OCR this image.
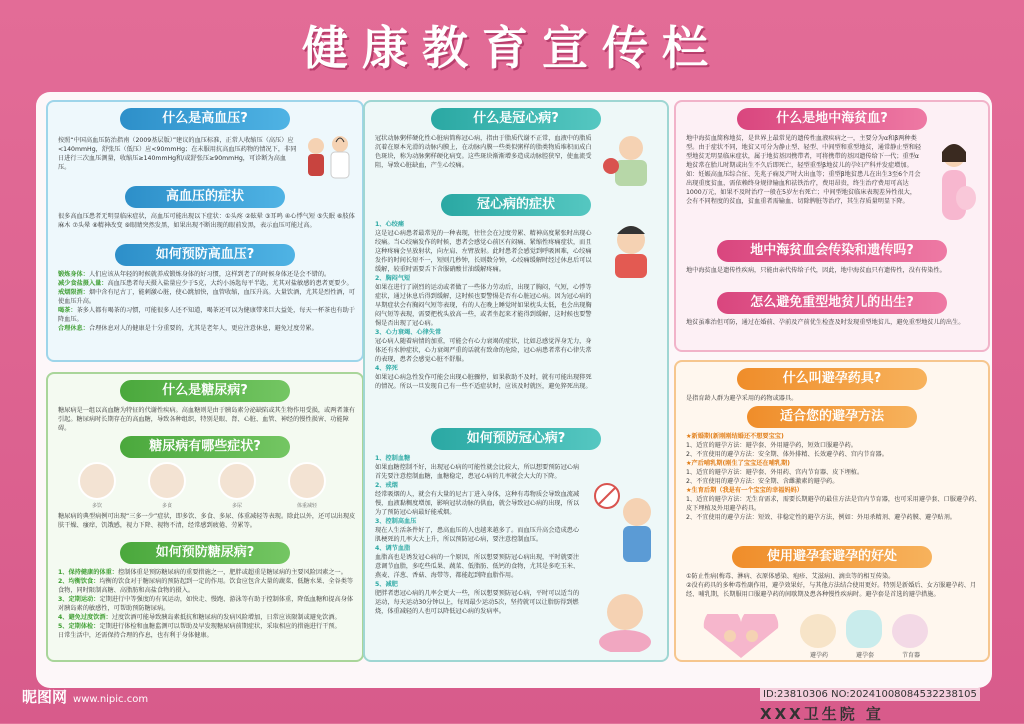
健康教育宣传栏
什么是高血压?
按照“中国高血压防治指南（2009基层版）”建议的血压标准，正常人收缩压（高压）应<140mmHg，舒张压（低压）应<90mmHg；在未服用抗高血压药物的情况下，非同日进行三次血压测量，收缩压≥140mmHg和/或舒张压≥90mmHg，可诊断为高血压。
高血压的症状
很多高血压患者无明显临床症状，高血压可能出现以下症状：①头疼 ②眩晕 ③耳鸣 ④心悸气短 ⑤失眠 ⑥肢体麻木 ⑦头晕 ⑧精神改变 ⑨眼睛突然发黑，如果出现不断出现的眼前发黑，表示血压可能过高。
如何预防高血压?
锻炼身体：人们应该从年轻的时候就养成锻炼身体的好习惯，这样到老了的时候身体还是会不错的。
减少食盐摄入量：高血压患者每天摄入盐量应少于5克，大约小汤匙每平半匙，尤其对盐敏感的患者更要少。
戒烟限酒：烟中含有尼古丁，能刺激心脏，使心跳加快，血管收缩，血压升高。大量饮酒，尤其是烈性酒，可使血压升高。
喝茶：茶多人都有喝茶的习惯，可能很多人还不知道，喝茶还可以为健康带来巨大益处，每天一杯茶也有助于降血压。
合理休息：合理休息对人的健康是十分重要的，尤其是老年人，更应注意休息，避免过度劳累。
什么是糖尿病?
糖尿病是一组以高血糖为特征的代谢性疾病。高血糖则是由于胰岛素分泌缺陷或其生物作用受损，或两者兼有引起。糖尿病时长期存在的高血糖，导致各种组织，特别是眼、肾、心脏、血管、神经的慢性损害、功能障碍。
糖尿病有哪些症状?
多饮	多食	多尿	体重减轻
糖尿病的典型病例可出现“三多一少”症状，即多饮、多食、多尿、体重减轻等表现。除此以外，还可以出现皮肤干燥、瘙痒，饥饿感，视力下降、视物不清，经常感到疲倦、劳累等。
如何预防糖尿病?
1、保持健康的体重：控制体重是预防糖尿病的重要措施之一，肥胖或超重是糖尿病的主要风险因素之一。
2、均衡饮食：均衡的饮食对于糖尿病的预防起到一定的作用。饮食应包含大量的蔬菜、低糖水果、全谷类等食物，同时限制高糖、高脂肪和高盐食物的摄入。
3、定期运动：定期进行中等强度的有氧运动，如快走、慢跑、游泳等有助于控制体重，降低血糖和提高身体对胰岛素的敏感性，可帮助预防糖尿病。
4、避免过度饮酒：过度饮酒可能导致胰岛素抵抗和糖尿病的发病风险增加，日常应该限制或避免饮酒。
5、定期体检：定期进行体检和血糖监测可以帮助及早发现糖尿病前期症状，采取相应的措施进行干预。
日常生活中，还需保持合理的作息，也有利于身体健康。
什么是冠心病?
冠状动脉粥样硬化性心脏病简称冠心病，指由于脂质代谢不正常，血液中的脂质沉着在原本光滑的动脉内膜上，在动脉内膜一些类似粥样的脂类物质堆积而成白色斑块，称为动脉粥样硬化病变。这些斑块渐渐增多造成动脉腔狭窄，使血流受阻，导致心脏缺血，产生心绞痛。
冠心病的症状
1、心绞痛
这是冠心病患者最常见的一种表现，往往会在过度劳累、精神高度紧张时出现心绞痛。当心绞痛发作的时候，患者会感觉心前区有闷痛、紧缩性疼痛症状，而且这种疼痛会呈放射状，向左肩、左臂放射。此时患者会感觉到呼吸困难，心绞痛发作的时间长短不一，短则几秒钟，长则数分钟，心绞痛缓解时经过休息后可以缓解，较重时需要舌下含服硝酸甘油缓解疼痛。
2、胸闷气短
如果在进行了剧烈的运动或者做了一些体力劳动后，出现了胸闷，气短，心悸等症状，通过休息后得到缓解，这时候也要警惕是否有心脏冠心病。因为冠心病的早期症状会有胸闷气短等表现，有的人在晚上睡觉时如果枕头太低，也会出现胸闷气短等表现，需要把枕头放高一些，或者坐起来才能得到缓解，这时候也要警惕是否出现了冠心病。
3、心力衰竭、心律失常
冠心病人随着病情的加重，可能会有心力衰竭的症状，比如总感觉浑身无力，身体还有水肿症状，心力衰竭严重的话就有致命的危险，冠心病患者常有心律失常的表现，患者会感觉心脏不舒服。
4、猝死
如果冠心病急性发作可能会出现心脏骤停，如果救助不及时，就有可能出现猝死的情况。所以一旦发现自己有一些不适症状时，应该及时就医，避免猝死出现。
如何预防冠心病?
1、控制血糖
如果血糖控制不好，出现冠心病的可能性就会比较大，所以想要预防冠心病首先要注意控制血糖，血糖稳定，患冠心病的几率就会大大的下降。
2、戒烟
经常吸烟的人，就会有大量的尼古丁进入身体，这种有毒物质会导致血流减慢，血液黏稠度增加，影响冠状动脉的供血，就会导致冠心病的出现，所以为了预防冠心病最好能戒烟。
3、控制高血压
现在人生活条件好了，患高血压的人也越来越多了。而血压升高会造成患心肌梗死的几率大大上升，所以预防冠心病，要注意控制血压。
4、调节血脂
血脂高也是诱发冠心病的一个原因，所以想要预防冠心病出现，平时就要注意调节血脂，多吃些瓜果、蔬菜、低脂肪、低钙的食物，尤其是多吃玉米、燕麦、洋葱、香菇、海带等，都能起到降血脂作用。
5、减肥
肥胖者患冠心病的几率会更大一些，所以想要预防冠心病，平时可以适当的运动，每天运动30分钟以上，每周最少运动5次，坚持就可以让脂肪得到燃烧，体重减轻的人也可以降低冠心病的发病率。
什么是地中海贫血?
地中海贫血简称地贫，是世界上最常见的遗传性血液疾病之一，主要分为α和β两种类型。由于症状不同，地贫又可分为静止型、轻型、中间型和重型地贫，通常静止型和轻型地贫无明显临床症状，属于地贫基因携带者，可将携带的基因遗传给下一代；重型α地贫常在胎儿时期或出生不久后即死亡，轻型重型β地贫儿的孕妇产科并发症增加。如：妊娠高血压综合征、先兆子痫及产时大出血等；重型β地贫患儿在出生3至6个月会出现重度贫血，需依赖终身规律输血和祛铁治疗，费用昂贵，终生治疗费用可高达1000万元，如果不及时治疗一般在5岁左右死亡；中间型地贫临床表现差异性很大，会有不同程度的贫血，贫血重者需输血、切除脾脏等治疗，其生存质量明显下降。
地中海贫血会传染和遗传吗?
地中海贫血是遗传性疾病，只能由亲代传给子代，因此，地中海贫血只有遗传性，没有传染性。
怎么避免重型地贫儿的出生?
地贫虽难治但可防，通过在婚前、孕前及产前优生检查及时发现重型地贫儿，避免重型地贫儿的出生。
什么叫避孕药具?
是指育龄人群为避孕采用的药物或器具。
适合您的避孕方法
★新婚期(新刚刚结婚还不想要宝宝)
1、适宜的避孕方法：避孕套、外用避孕药，短效口服避孕药。
2、不宜使用的避孕方法：安全期、体外排精、长效避孕药、宫内节育器。
★产后哺乳期(刚生了宝宝还在哺乳期)
1、适宜的避孕方法：避孕套、外用药、宫内节育器、皮下埋植。
2、不宜使用的避孕方法：安全期、含雌激素的避孕药。
★生育后期（我是有一个宝宝的幸福妈妈）
1、适宜的避孕方法：无生育需求，需要长期避孕的最佳方法是宫内节育器，也可采用避孕套、口服避孕药、皮下埋植及外用避孕药具。
2、不宜使用的避孕方法：短效、非稳定性的避孕方法，例如：外用杀精剂、避孕药膜、避孕贴剂。
使用避孕套避孕的好处
①防止性病(梅毒、淋病、衣原体感染、疱疹、艾滋病)、滴虫等的相互传染。
②没有药具的多种毒性副作用，避孕效果好，与其他方法结合使用更好。特别是新婚后、女方服避孕药、月经、哺乳期，长期服用口服避孕药的间歇期及患各种慢性疾病时。避孕套是首选的避孕措施。
避孕药	避孕套	节育器
昵图网 www.nipic.com	ID:23810306 NO:20241008084532238105
XXX卫生院 宣
